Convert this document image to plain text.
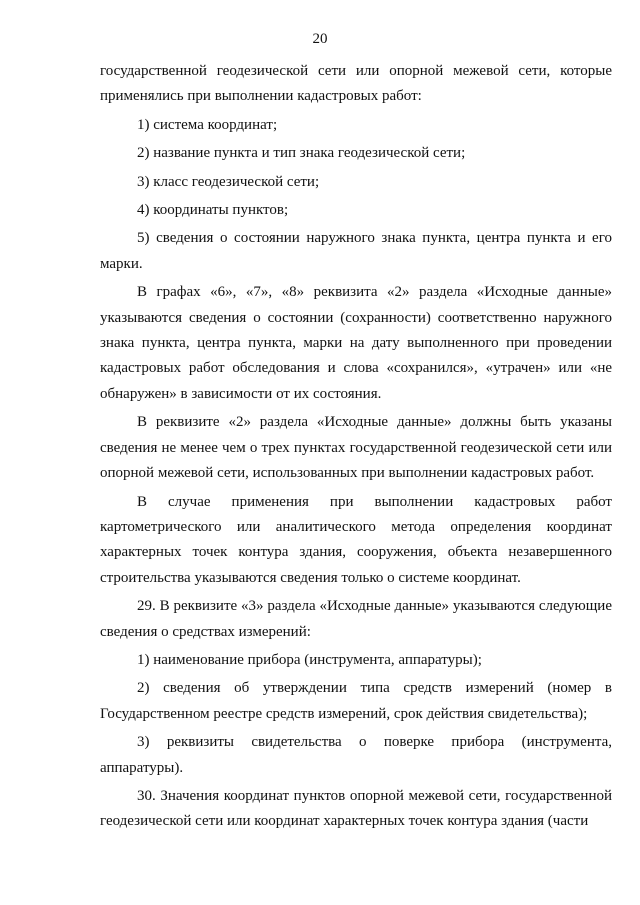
20

государственной геодезической сети или опорной межевой сети, которые применялись при выполнении кадастровых работ:

1) система координат;

2) название пункта и тип знака геодезической сети;

3) класс геодезической сети;

4) координаты пунктов;

5) сведения о состоянии наружного знака пункта, центра пункта и его марки.

В графах «6», «7», «8» реквизита «2» раздела «Исходные данные» указываются сведения о состоянии (сохранности) соответственно наружного знака пункта, центра пункта, марки на дату выполненного при проведении кадастровых работ обследования и слова «сохранился», «утрачен» или «не обнаружен» в зависимости от их состояния.

В реквизите «2» раздела «Исходные данные» должны быть указаны сведения не менее чем о трех пунктах государственной геодезической сети или опорной межевой сети, использованных при выполнении кадастровых работ.

В случае применения при выполнении кадастровых работ картометрического или аналитического метода определения координат характерных точек контура здания, сооружения, объекта незавершенного строительства указываются сведения только о системе координат.

29. В реквизите «3» раздела «Исходные данные» указываются следующие сведения о средствах измерений:

1) наименование прибора (инструмента, аппаратуры);

2) сведения об утверждении типа средств измерений (номер в Государственном реестре средств измерений, срок действия свидетельства);

3) реквизиты свидетельства о поверке прибора (инструмента, аппаратуры).

30. Значения координат пунктов опорной межевой сети, государственной геодезической сети или координат характерных точек контура здания (части
